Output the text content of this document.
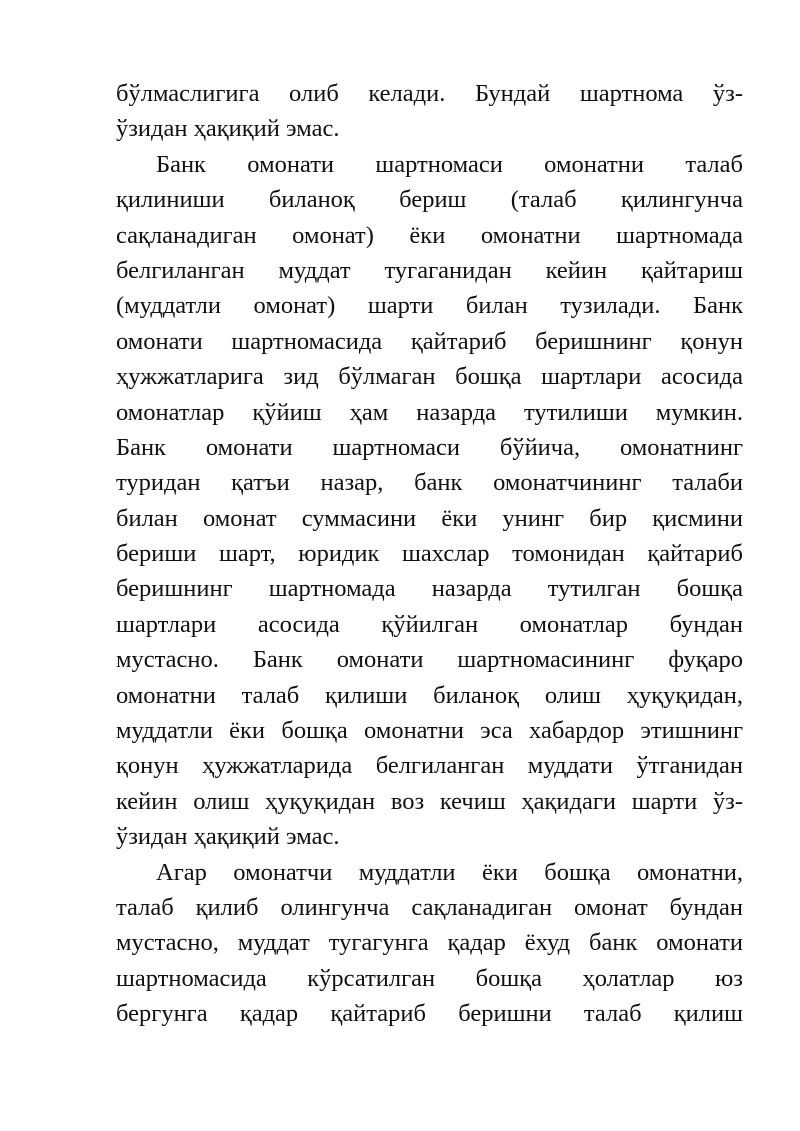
бўлмаслигига олиб келади. Бундай шартнома ўз-
ўзидан ҳақиқий эмас.
Банк омонати шартномаси омонатни талаб
қилиниши биланоқ бериш (талаб қилингунча
сақланадиган омонат) ёки омонатни шартномада
белгиланган муддат тугаганидан кейин қайтариш
(муддатли омонат) шарти билан тузилади. Банк
омонати шартномасида қайтариб беришнинг қонун
ҳужжатларига зид бўлмаган бошқа шартлари асосида
омонатлар қўйиш ҳам назарда тутилиши мумкин.
Банк омонати шартномаси бўйича, омонатнинг
туридан қатъи назар, банк омонатчининг талаби
билан омонат суммасини ёки унинг бир қисмини
бериши шарт, юридик шахслар томонидан қайтариб
беришнинг шартномада назарда тутилган бошқа
шартлари асосида қўйилган омонатлар бундан
мустасно. Банк омонати шартномасининг фуқаро
омонатни талаб қилиши биланоқ олиш ҳуқуқидан,
муддатли ёки бошқа омонатни эса хабардор этишнинг
қонун ҳужжатларида белгиланган муддати ўтганидан
кейин олиш ҳуқуқидан воз кечиш ҳақидаги шарти ўз-
ўзидан ҳақиқий эмас.
Агар омонатчи муддатли ёки бошқа омонатни,
талаб қилиб олингунча сақланадиган омонат бундан
мустасно, муддат тугагунга қадар ёхуд банк омонати
шартномасида кўрсатилган бошқа ҳолатлар юз
бергунга қадар қайтариб беришни талаб қилиш
